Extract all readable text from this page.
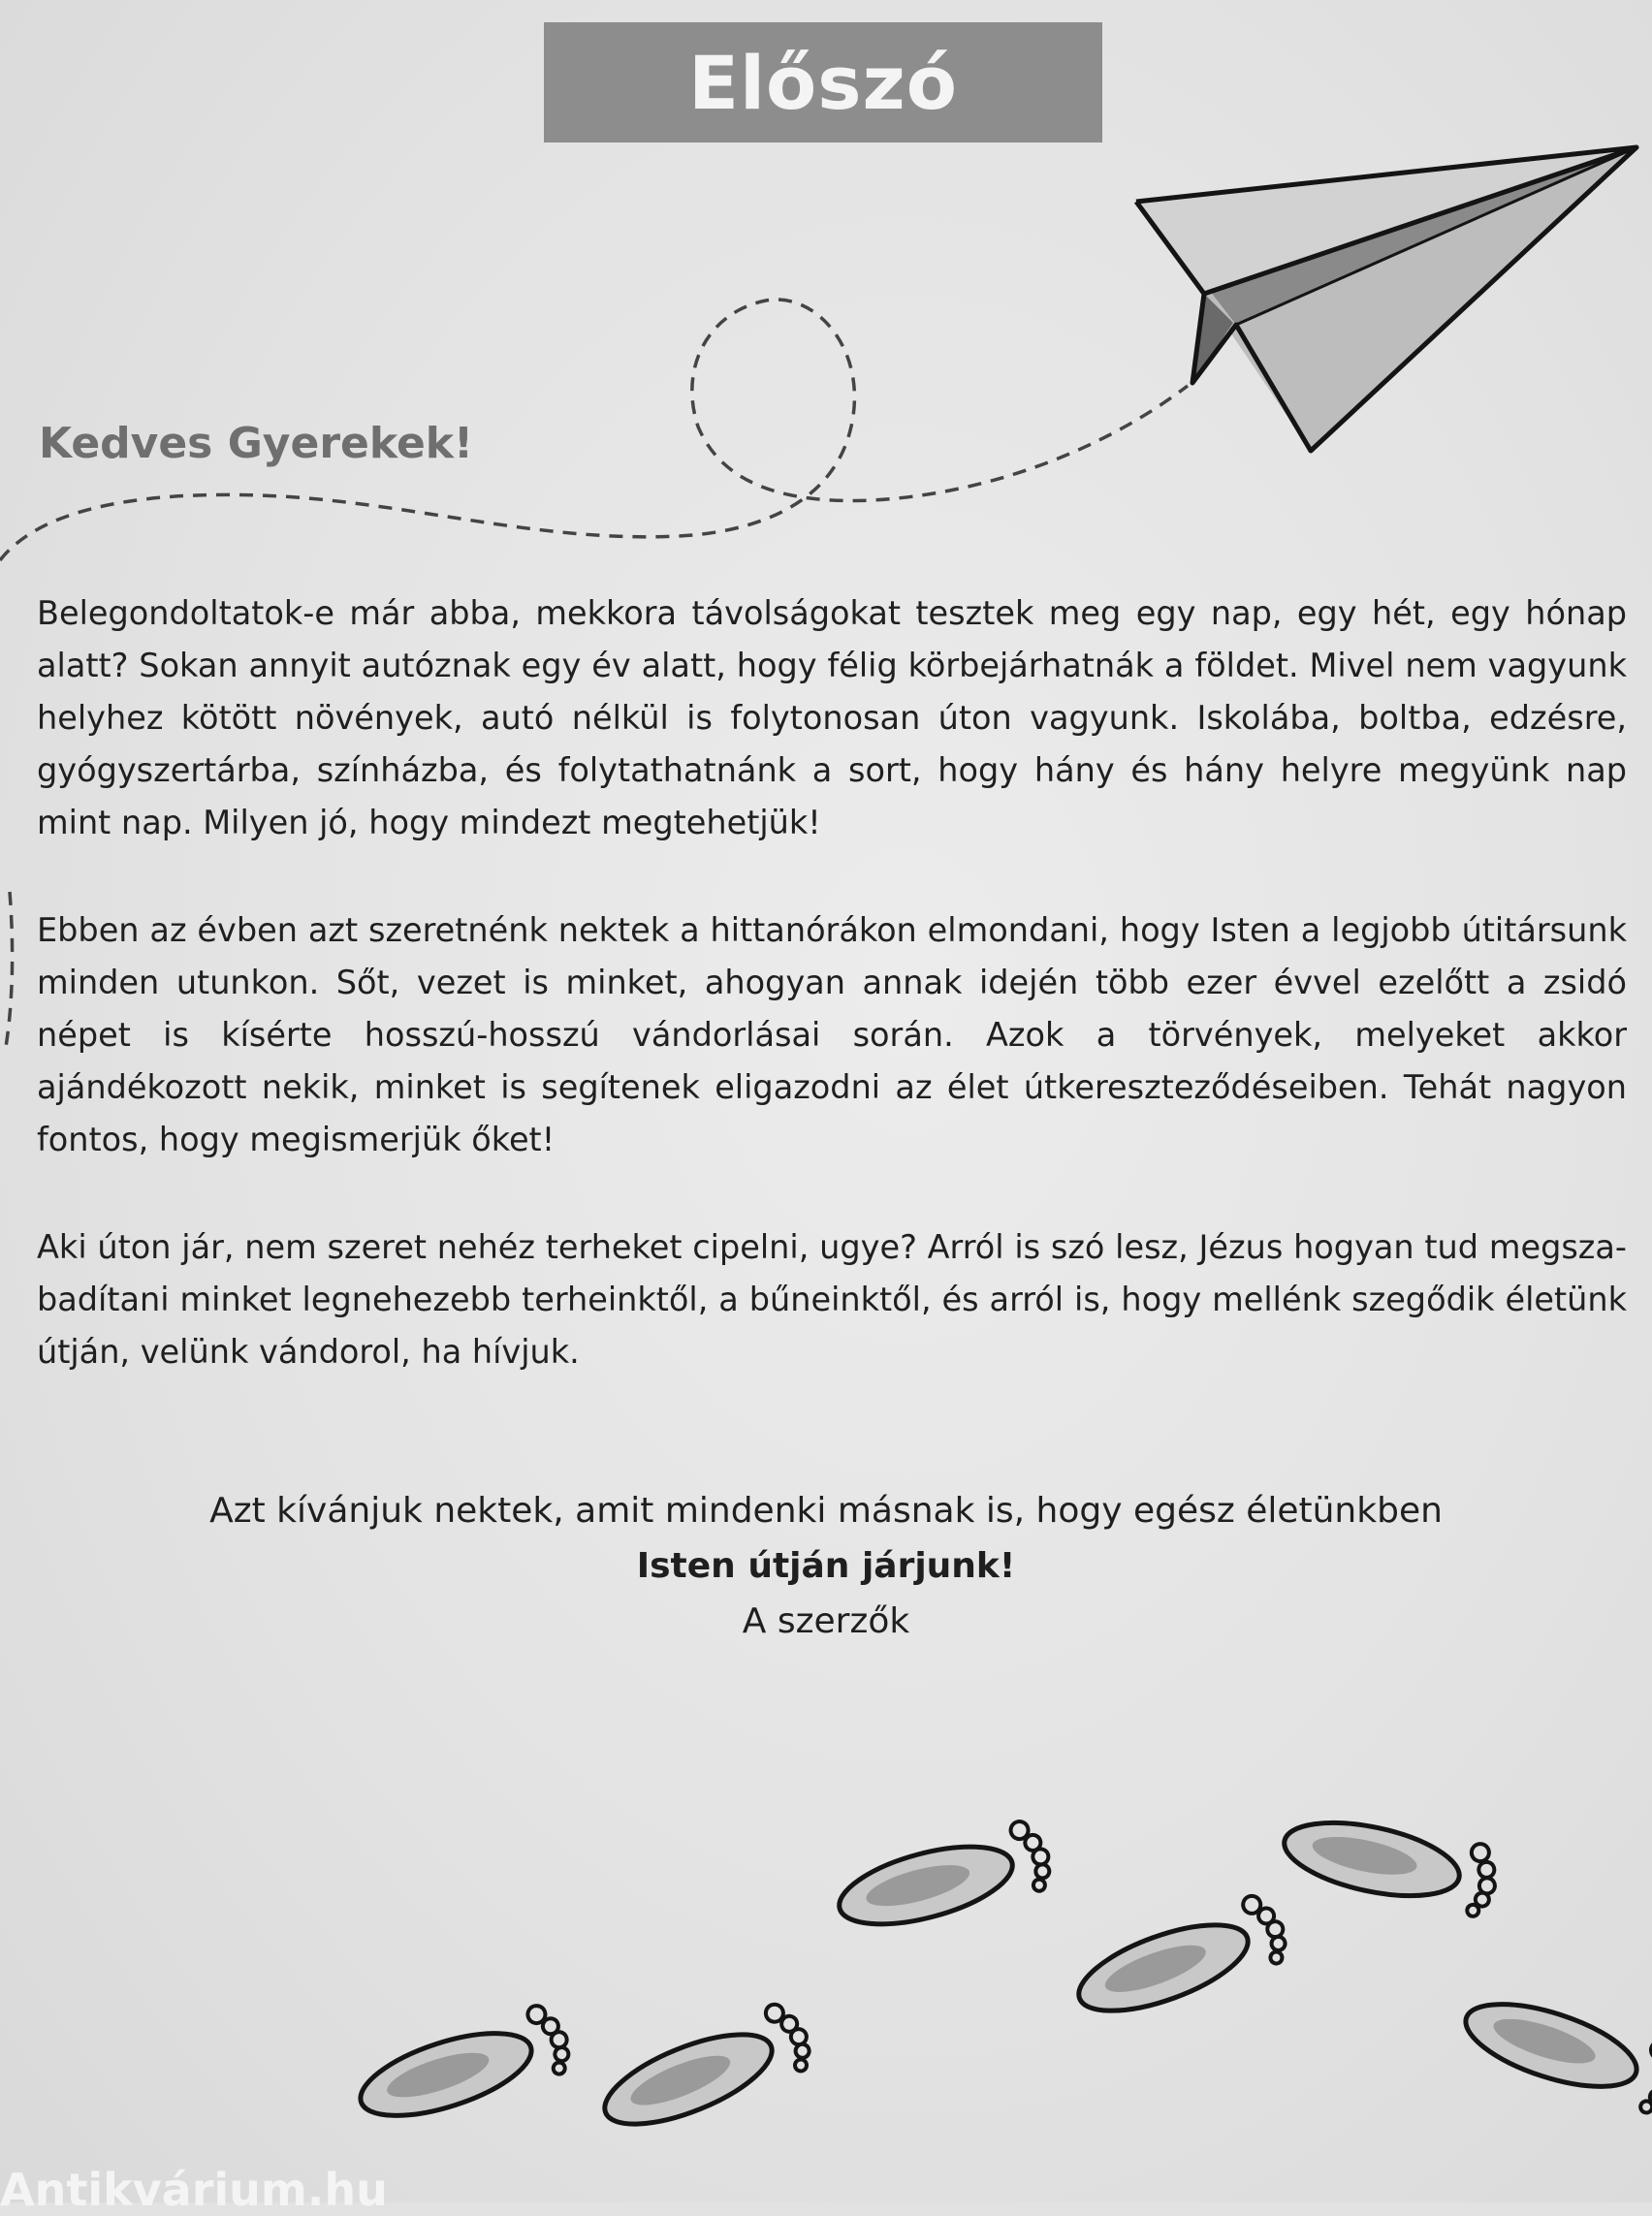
Előszó
Kedves Gyerekek!

Belegondoltatok-e már abba, mekkora távolságokat tesztek meg egy nap, egy hét, egy hónap alatt? Sokan annyit autóznak egy év alatt, hogy félig körbejárhatnák a földet. Mivel nem vagyunk helyhez kötött növények, autó nélkül is folytonosan úton vagyunk. Iskolába, boltba, edzésre, gyógyszertárba, színházba, és folytathatnánk a sort, hogy hány és hány helyre megyünk nap mint nap. Milyen jó, hogy mindezt megtehetjük!

Ebben az évben azt szeretnénk nektek a hittanórákon elmondani, hogy Isten a legjobb útitársunk minden utunkon. Sőt, vezet is minket, ahogyan annak idején több ezer évvel ezelőtt a zsidó népet is kísérte hosszú-hosszú vándorlásai során. Azok a törvények, melyeket akkor ajándékozott nekik, minket is segítenek eligazodni az élet útkereszteződéseiben. Tehát nagyon fontos, hogy megismerjük őket!

Aki úton jár, nem szeret nehéz terheket cipelni, ugye? Arról is szó lesz, Jézus hogyan tud megszabadítani minket legnehezebb terheinktől, a bűneinktől, és arról is, hogy mellénk szegődik életünk útján, velünk vándorol, ha hívjuk.

Azt kívánjuk nektek, amit mindenki másnak is, hogy egész életünkben
Isten útján járjunk!
A szerzők
Antikvárium.hu
